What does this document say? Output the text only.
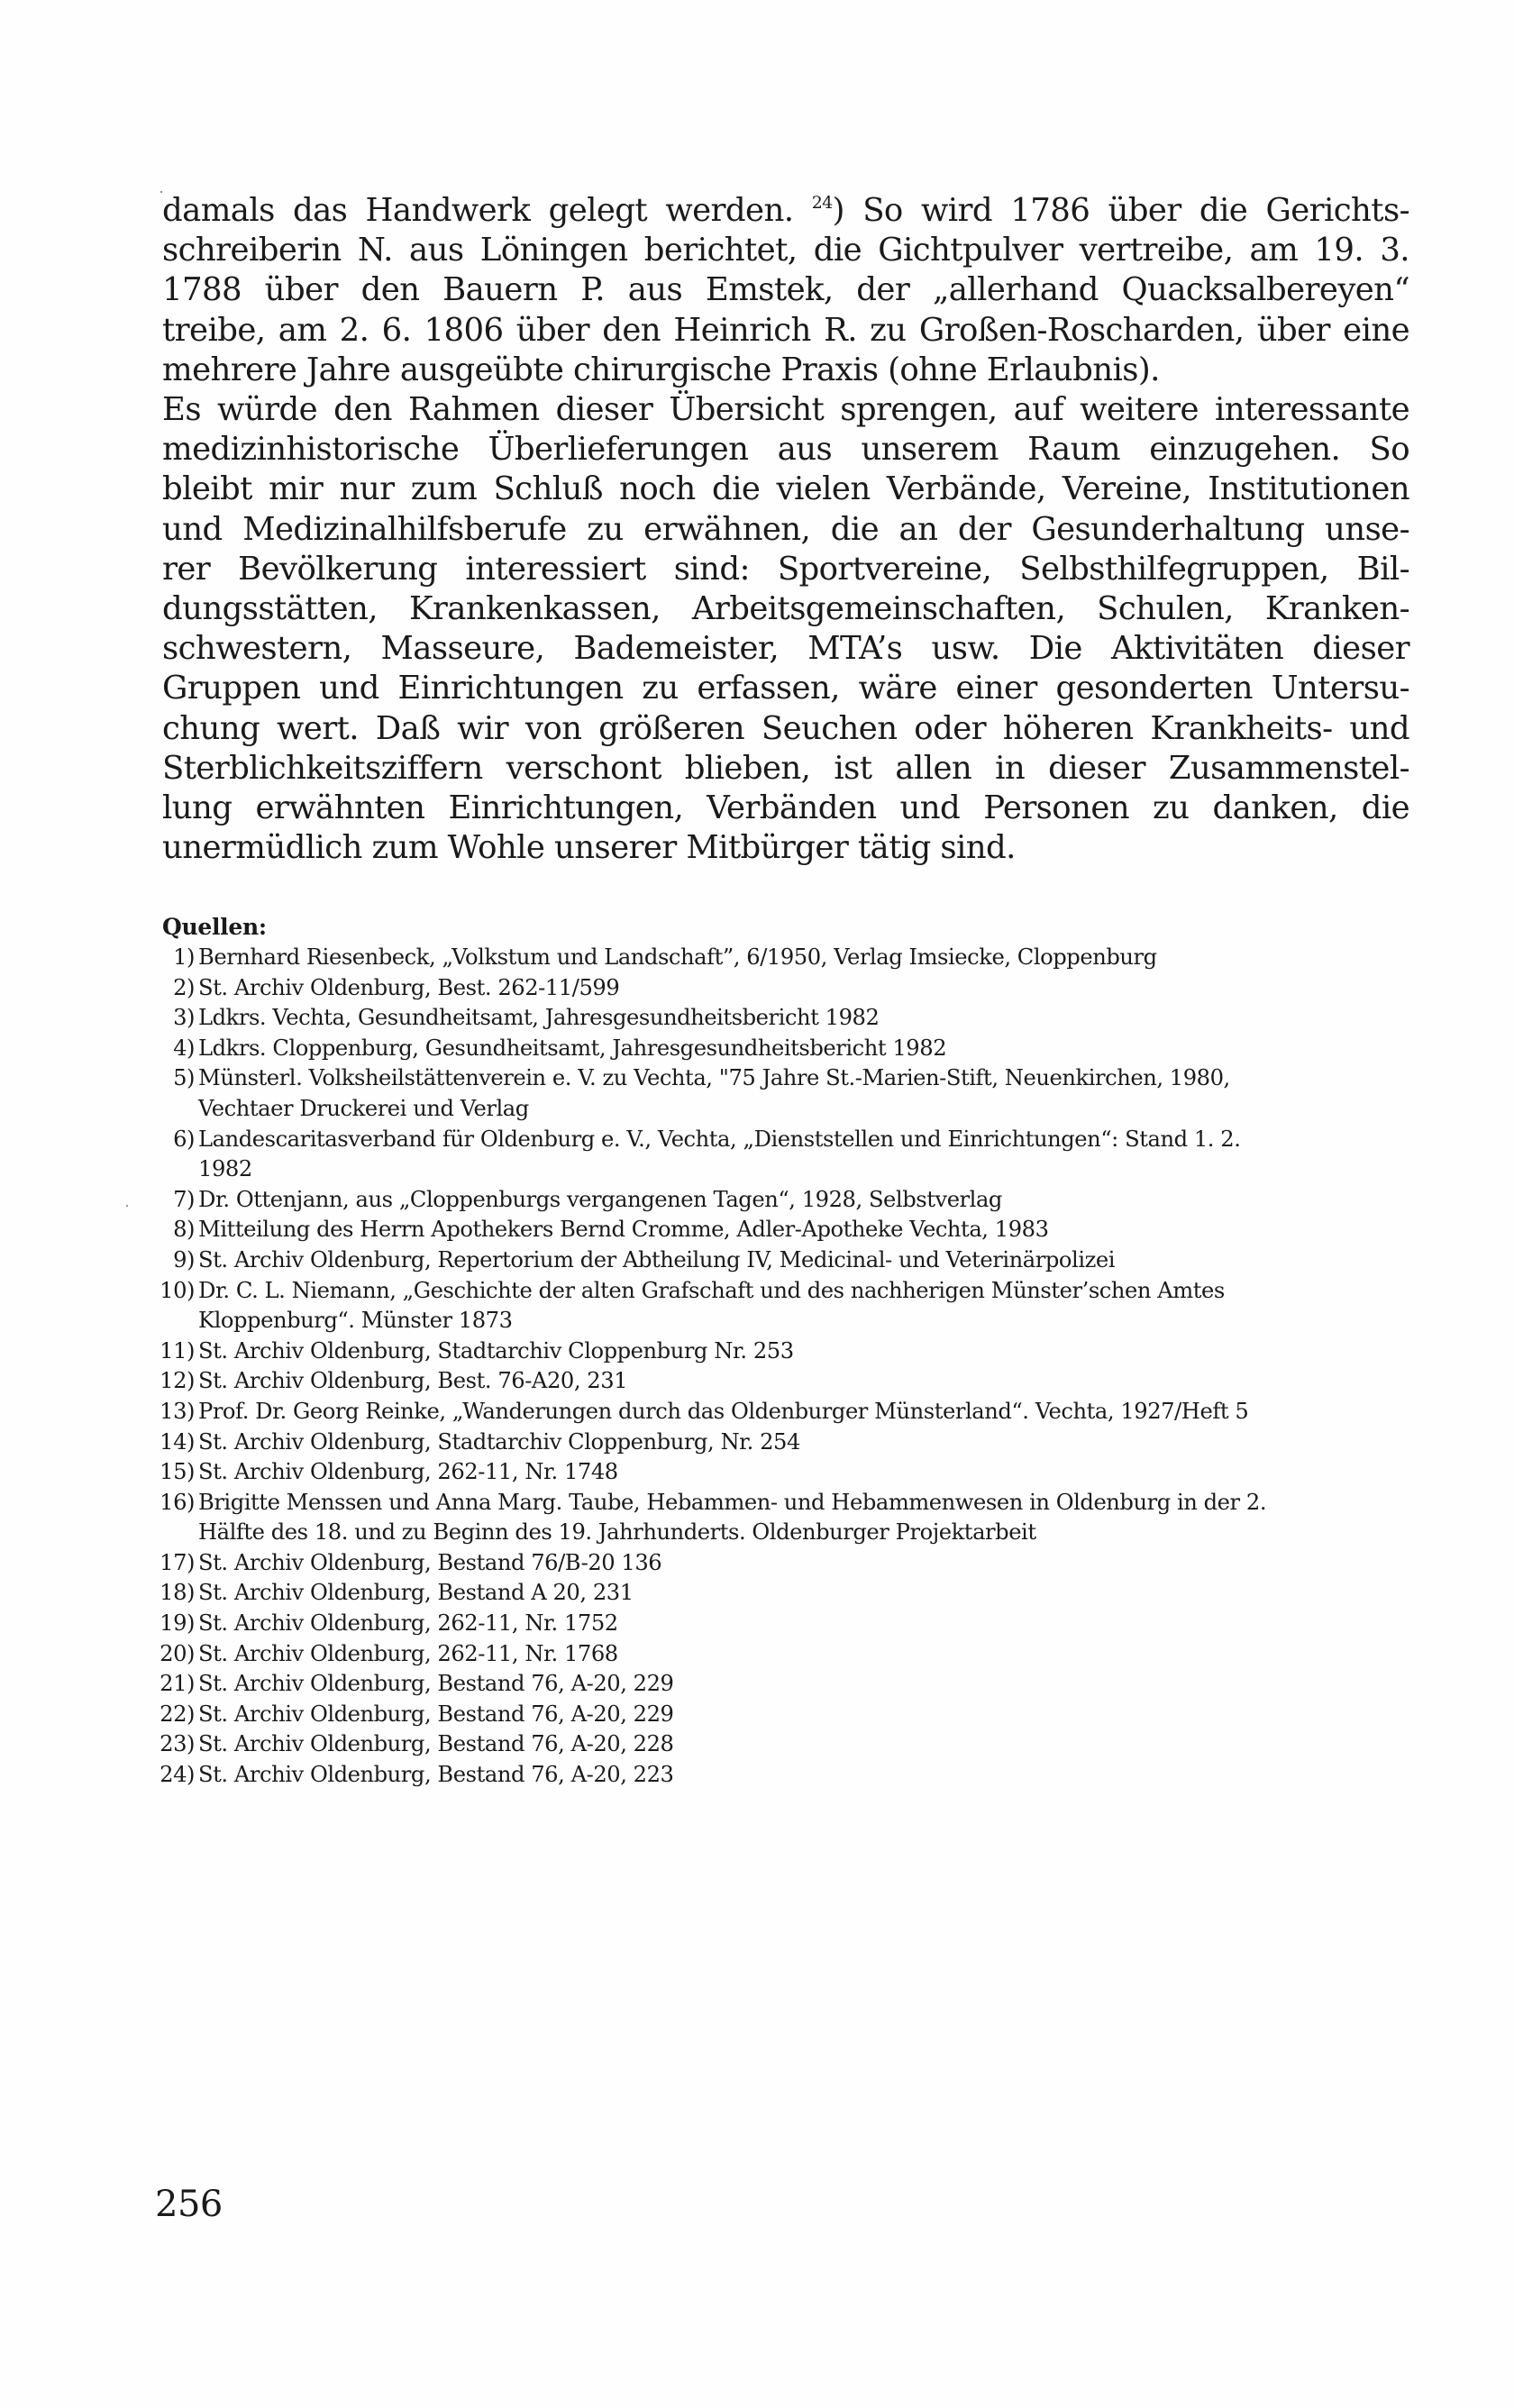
damals das Handwerk gelegt werden. $^{24}$) So wird 1786 über die Gerichts-
schreiberin N. aus Löningen berichtet, die Gichtpulver vertreibe, am 19. 3.
1788 über den Bauern P. aus Emstek, der „allerhand Quacksalbereyen“
treibe, am 2. 6. 1806 über den Heinrich R. zu Großen-Roscharden, über eine
mehrere Jahre ausgeübte chirurgische Praxis (ohne Erlaubnis).
Es würde den Rahmen dieser Übersicht sprengen, auf weitere interessante
medizinhistorische Überlieferungen aus unserem Raum einzugehen. So
bleibt mir nur zum Schluß noch die vielen Verbände, Vereine, Institutionen
und Medizinalhilfsberufe zu erwähnen, die an der Gesunderhaltung unse-
rer Bevölkerung interessiert sind: Sportvereine, Selbsthilfegruppen, Bil-
dungsstätten, Krankenkassen, Arbeitsgemeinschaften, Schulen, Kranken-
schwestern, Masseure, Bademeister, MTA’s usw. Die Aktivitäten dieser
Gruppen und Einrichtungen zu erfassen, wäre einer gesonderten Untersu-
chung wert. Daß wir von größeren Seuchen oder höheren Krankheits- und
Sterblichkeitsziffern verschont blieben, ist allen in dieser Zusammenstel-
lung erwähnten Einrichtungen, Verbänden und Personen zu danken, die
unermüdlich zum Wohle unserer Mitbürger tätig sind.

Quellen:

1) Bernhard Riesenbeck, „Volkstum und Landschaft”, 6/1950, Verlag Imsiecke, Cloppenburg
2) St. Archiv Oldenburg, Best. 262-11/599
3) Ldkrs. Vechta, Gesundheitsamt, Jahresgesundheitsbericht 1982
4) Ldkrs. Cloppenburg, Gesundheitsamt, Jahresgesundheitsbericht 1982
5) Münsterl. Volksheilstättenverein e. V. zu Vechta, "75 Jahre St.-Marien-Stift, Neuenkirchen, 1980,
Vechtaer Druckerei und Verlag
6) Landescaritasverband für Oldenburg e. V., Vechta, „Dienststellen und Einrichtungen“: Stand 1. 2.
1982
7) Dr. Ottenjann, aus „Cloppenburgs vergangenen Tagen“, 1928, Selbstverlag
8) Mitteilung des Herrn Apothekers Bernd Cromme, Adler-Apotheke Vechta, 1983
9) St. Archiv Oldenburg, Repertorium der Abtheilung IV, Medicinal- und Veterinärpolizei
10) Dr. C. L. Niemann, „Geschichte der alten Grafschaft und des nachherigen Münster’schen Amtes
Kloppenburg“. Münster 1873
11) St. Archiv Oldenburg, Stadtarchiv Cloppenburg Nr. 253
12) St. Archiv Oldenburg, Best. 76-A20, 231
13) Prof. Dr. Georg Reinke, „Wanderungen durch das Oldenburger Münsterland“. Vechta, 1927/Heft 5
14) St. Archiv Oldenburg, Stadtarchiv Cloppenburg, Nr. 254
15) St. Archiv Oldenburg, 262-11, Nr. 1748
16) Brigitte Menssen und Anna Marg. Taube, Hebammen- und Hebammenwesen in Oldenburg in der 2.
Hälfte des 18. und zu Beginn des 19. Jahrhunderts. Oldenburger Projektarbeit
17) St. Archiv Oldenburg, Bestand 76/B-20 136
18) St. Archiv Oldenburg, Bestand A 20, 231
19) St. Archiv Oldenburg, 262-11, Nr. 1752
20) St. Archiv Oldenburg, 262-11, Nr. 1768
21) St. Archiv Oldenburg, Bestand 76, A-20, 229
22) St. Archiv Oldenburg, Bestand 76, A-20, 229
23) St. Archiv Oldenburg, Bestand 76, A-20, 228
24) St. Archiv Oldenburg, Bestand 76, A-20, 223
256
